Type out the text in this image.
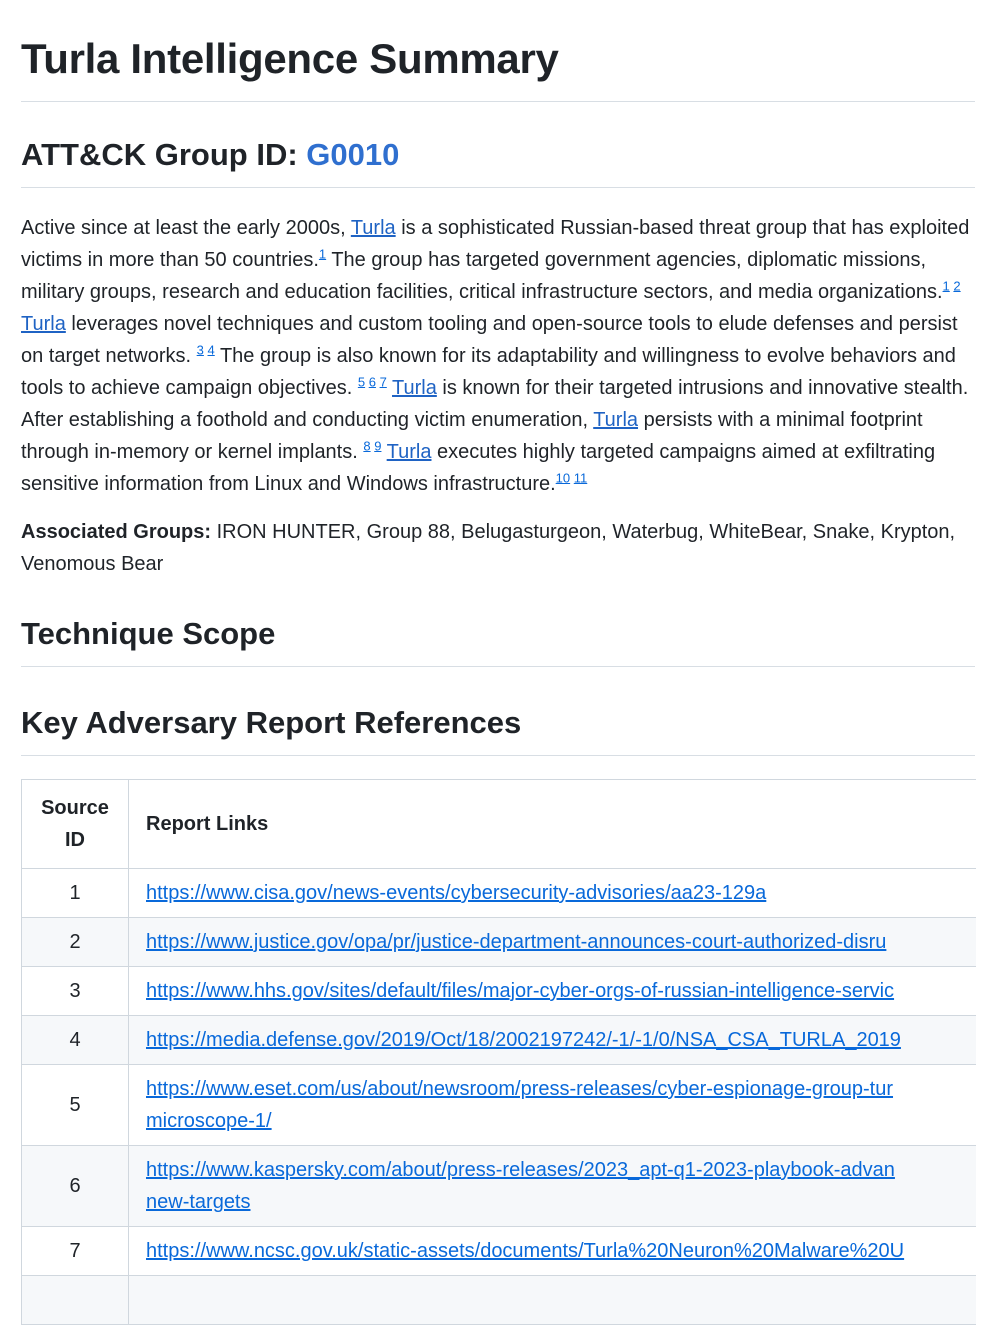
Turla Intelligence Summary
ATT&CK Group ID: G0010

Active since at least the early 2000s, Turla is a sophisticated Russian-based threat group that has exploited victims in more than 50 countries.$^1$ The group has targeted government agencies, diplomatic missions, military groups, research and education facilities, critical infrastructure sectors, and media organizations.$^{1 2}$ Turla leverages novel techniques and custom tooling and open-source tools to elude defenses and persist on target networks. $^{3 4}$ The group is also known for its adaptability and willingness to evolve behaviors and tools to achieve campaign objectives. $^{5 6 7}$ Turla is known for their targeted intrusions and innovative stealth. After establishing a foothold and conducting victim enumeration, Turla persists with a minimal footprint through in-memory or kernel implants. $^{8 9}$ Turla executes highly targeted campaigns aimed at exfiltrating sensitive information from Linux and Windows infrastructure.$^{10 11}$

Associated Groups: IRON HUNTER, Group 88, Belugasturgeon, Waterbug, WhiteBear, Snake, Krypton, Venomous Bear

Technique Scope
Key Adversary Report References
Source ID	Report Links
1	https://www.cisa.gov/news-events/cybersecurity-advisories/aa23-129a
2	https://www.justice.gov/opa/pr/justice-department-announces-court-authorized-disru
3	https://www.hhs.gov/sites/default/files/major-cyber-orgs-of-russian-intelligence-servic
4	https://media.defense.gov/2019/Oct/18/2002197242/-1/-1/0/NSA_CSA_TURLA_2019
5	https://www.eset.com/us/about/newsroom/press-releases/cyber-espionage-group-tur
microscope-1/
6	https://www.kaspersky.com/about/press-releases/2023_apt-q1-2023-playbook-advan
new-targets
7	https://www.ncsc.gov.uk/static-assets/documents/Turla%20Neuron%20Malware%20U
